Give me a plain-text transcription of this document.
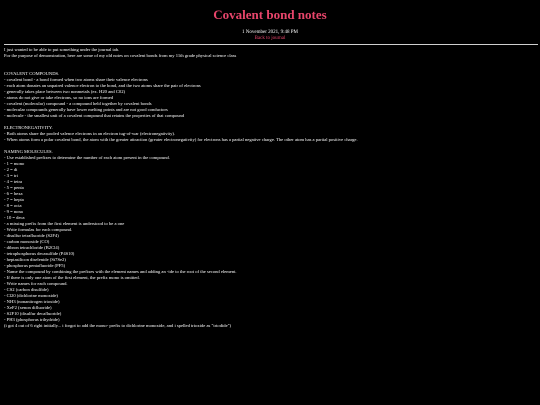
Covalent bond notes
1 November 2021, 9:48 PM
Back to journal
I just wanted to be able to put something under the journal tab.
For the purpose of demonstration, here are some of my old notes on covalent bonds from my 11th grade physical science class
COVALENT COMPOUNDS.
- covalent bond - a bond formed when two atoms share their valence electrons
- each atom donates an unpaired valence electron to the bond, and the two atoms share the pair of electrons
- generally takes place between two nonmetals (ex. H20 and C02)
- atoms do not give or take electrons, so no ions are formed
- covalent (molecular) compound - a compound held together by covalent bonds
- molecular compounds generally have lower melting points and are not good conductors
- molecule - the smallest unit of a covalent compound that retains the properties of that compound
ELECTRONEGATIVITY.
- Both atoms share the pooled valence electrons in an electron tug-of-war (electronegativity).
- When atoms form a polar covalent bond, the atom with the greater attraction (greater electronegativity) for electrons has a partial negative charge. The other atom has a partial positive charge.
NAMING MOLECULES.
- Use established prefixes to determine the number of each atom present in the compound.
- 1 = mono
- 2 = di
- 3 = tri
- 4 = tetra
- 5 = penta
- 6 = hexa
- 7 = hepta
- 8 = octa
- 9 = nona
- 10 = deca
- a missing prefix from the first element is understood to be a one
- Write formulas for each compound.
- disulfur tetrafluoride (S2F4)
- carbon monoxide (CO)
- dibron tetrachloride (B2Cl4)
- tetraphosphorus decasulfide (P4S10)
- heptasilicon diselenide (Si7Se2)
- phosphorus pentafluoride (PF5)
- Name the compound by combining the prefixes with the element names and adding an -ide to the root of the second element.
- If there is only one atom of the first element, the prefix mono is omitted.
- Write names for each compound.
- CS2 (carbon disulfide)
- Cl20 (dichlorine monoxide)
- NH3 (nonanitrogen trioxide)
- XeF2 (xenon difluoride)
- S2F10 (disulfur decafluoride)
- PH3 (phosphorus trihydride)
(i got 4 out of 6 right initially... i forgot to add the mono- prefix to dichlorine monoxide, and i spelled trioxide as "triodide")
